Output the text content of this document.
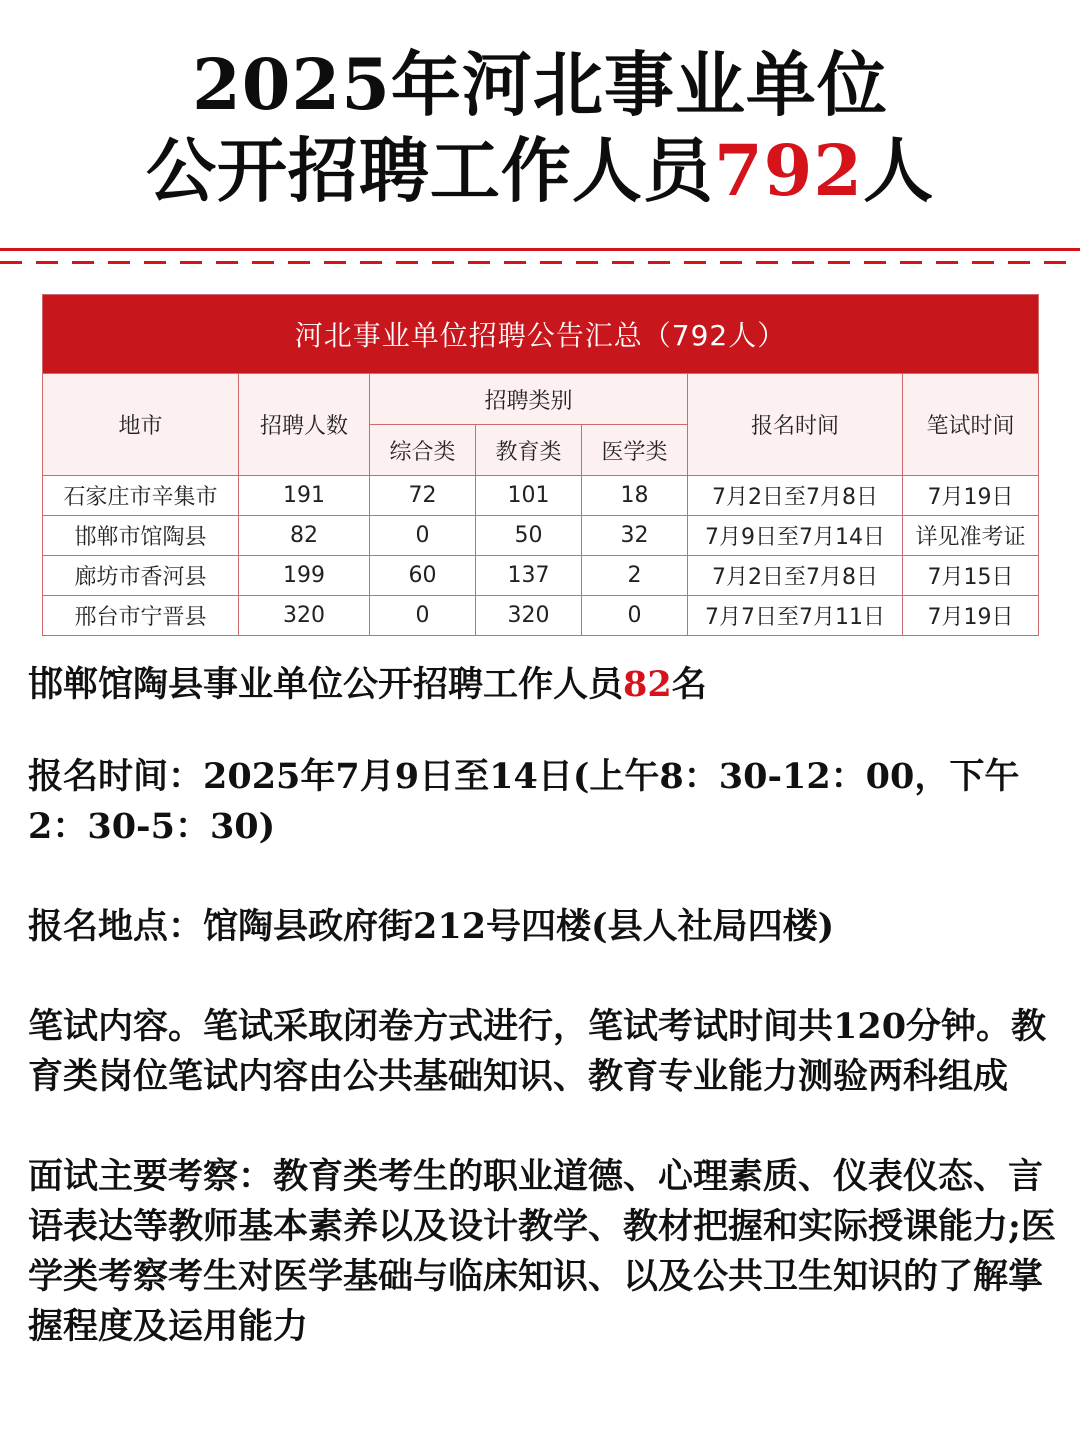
2025年河北事业单位
公开招聘工作人员792人
河北事业单位招聘公告汇总（792人）						
地市	招聘人数	招聘类别			报名时间	笔试时间
		综合类	教育类	医学类		
石家庄市辛集市	191	72	101	18	7月2日至7月8日	7月19日
邯郸市馆陶县	82	0	50	32	7月9日至7月14日	详见准考证
廊坊市香河县	199	60	137	2	7月2日至7月8日	7月15日
邢台市宁晋县	320	0	320	0	7月7日至7月11日	7月19日

邯郸馆陶县事业单位公开招聘工作人员82名

报名时间：2025年7月9日至14日(上午8：30-12：00，下午2：30-5：30)

报名地点：馆陶县政府街212号四楼(县人社局四楼)

笔试内容。笔试采取闭卷方式进行，笔试考试时间共120分钟。教育类岗位笔试内容由公共基础知识、教育专业能力测验两科组成

面试主要考察：教育类考生的职业道德、心理素质、仪表仪态、言语表达等教师基本素养以及设计教学、教材把握和实际授课能力;医学类考察考生对医学基础与临床知识、以及公共卫生知识的了解掌握程度及运用能力
